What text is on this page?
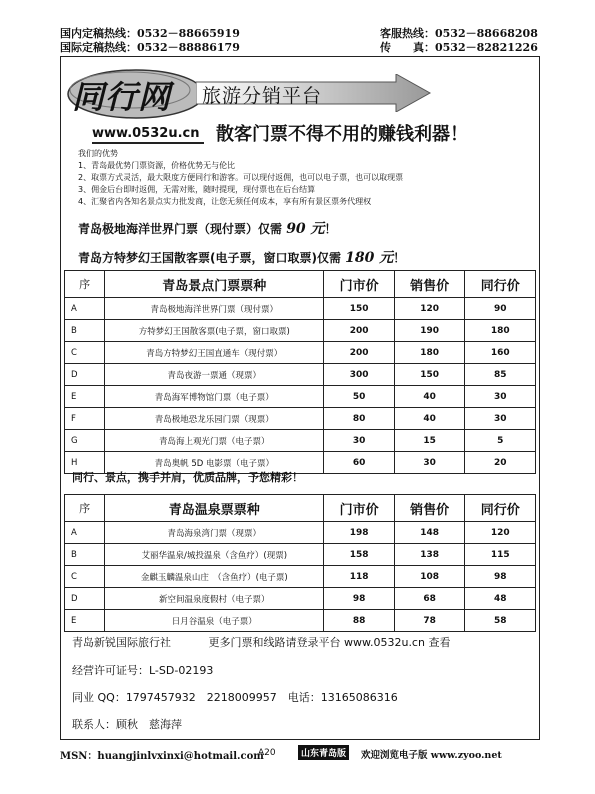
国内定稿热线：0532－88665919
国际定稿热线：0532－88886179
客服热线：0532－88668208
传　　真：0532－82821226
同行网 旅游分销平台
www.0532u.cn 散客门票不得不用的赚钱利器！
我们的优势
1、青岛最优势门票资源，价格优势无与伦比
2、取票方式灵活，最大限度方便同行和游客。可以现付返佣，也可以电子票，也可以取现票
3、佣金后台即时返佣，无需对账，随时提现，现付票也在后台结算
4、汇聚省内各知名景点实力批发商，让您无须任何成本，享有所有景区票务代理权
青岛极地海洋世界门票（现付票）仅需 90 元！
青岛方特梦幻王国散客票(电子票，窗口取票)仅需 180 元！
序	青岛景点门票票种	门市价	销售价	同行价
A	青岛极地海洋世界门票（现付票）	150	120	90
B	方特梦幻王国散客票(电子票，窗口取票)	200	190	180
C	青岛方特梦幻王国直通车（现付票）	200	180	160
D	青岛夜游一票通（现票）	300	150	85
E	青岛海军博物馆门票（电子票）	50	40	30
F	青岛极地恐龙乐园门票（现票）	80	40	30
G	青岛海上观光门票（电子票）	30	15	5
H	青岛奥帆 5D 电影票（电子票）	60	30	20
同行、景点，携手并肩，优质品牌，予您精彩！
序	青岛温泉票票种	门市价	销售价	同行价
A	青岛海泉湾门票（现票）	198	148	120
B	艾丽华温泉/城投温泉（含鱼疗）(现票)	158	138	115
C	金麒玉麟温泉山庄　（含鱼疗）(电子票)	118	108	98
D	新空间温泉度假村（电子票）	98	68	48
E	日月谷温泉（电子票）	88	78	58
青岛新锐国际旅行社	更多门票和线路请登录平台 www.0532u.cn 查看
经营许可证号：L-SD-02193
同业 QQ：1797457932　2218009957　电话：13165086316
联系人：顾秋　慈海萍
MSN：huangjinlvxinxi@hotmail.com
A20	山东青岛版	欢迎浏览电子版 www.zyoo.net
